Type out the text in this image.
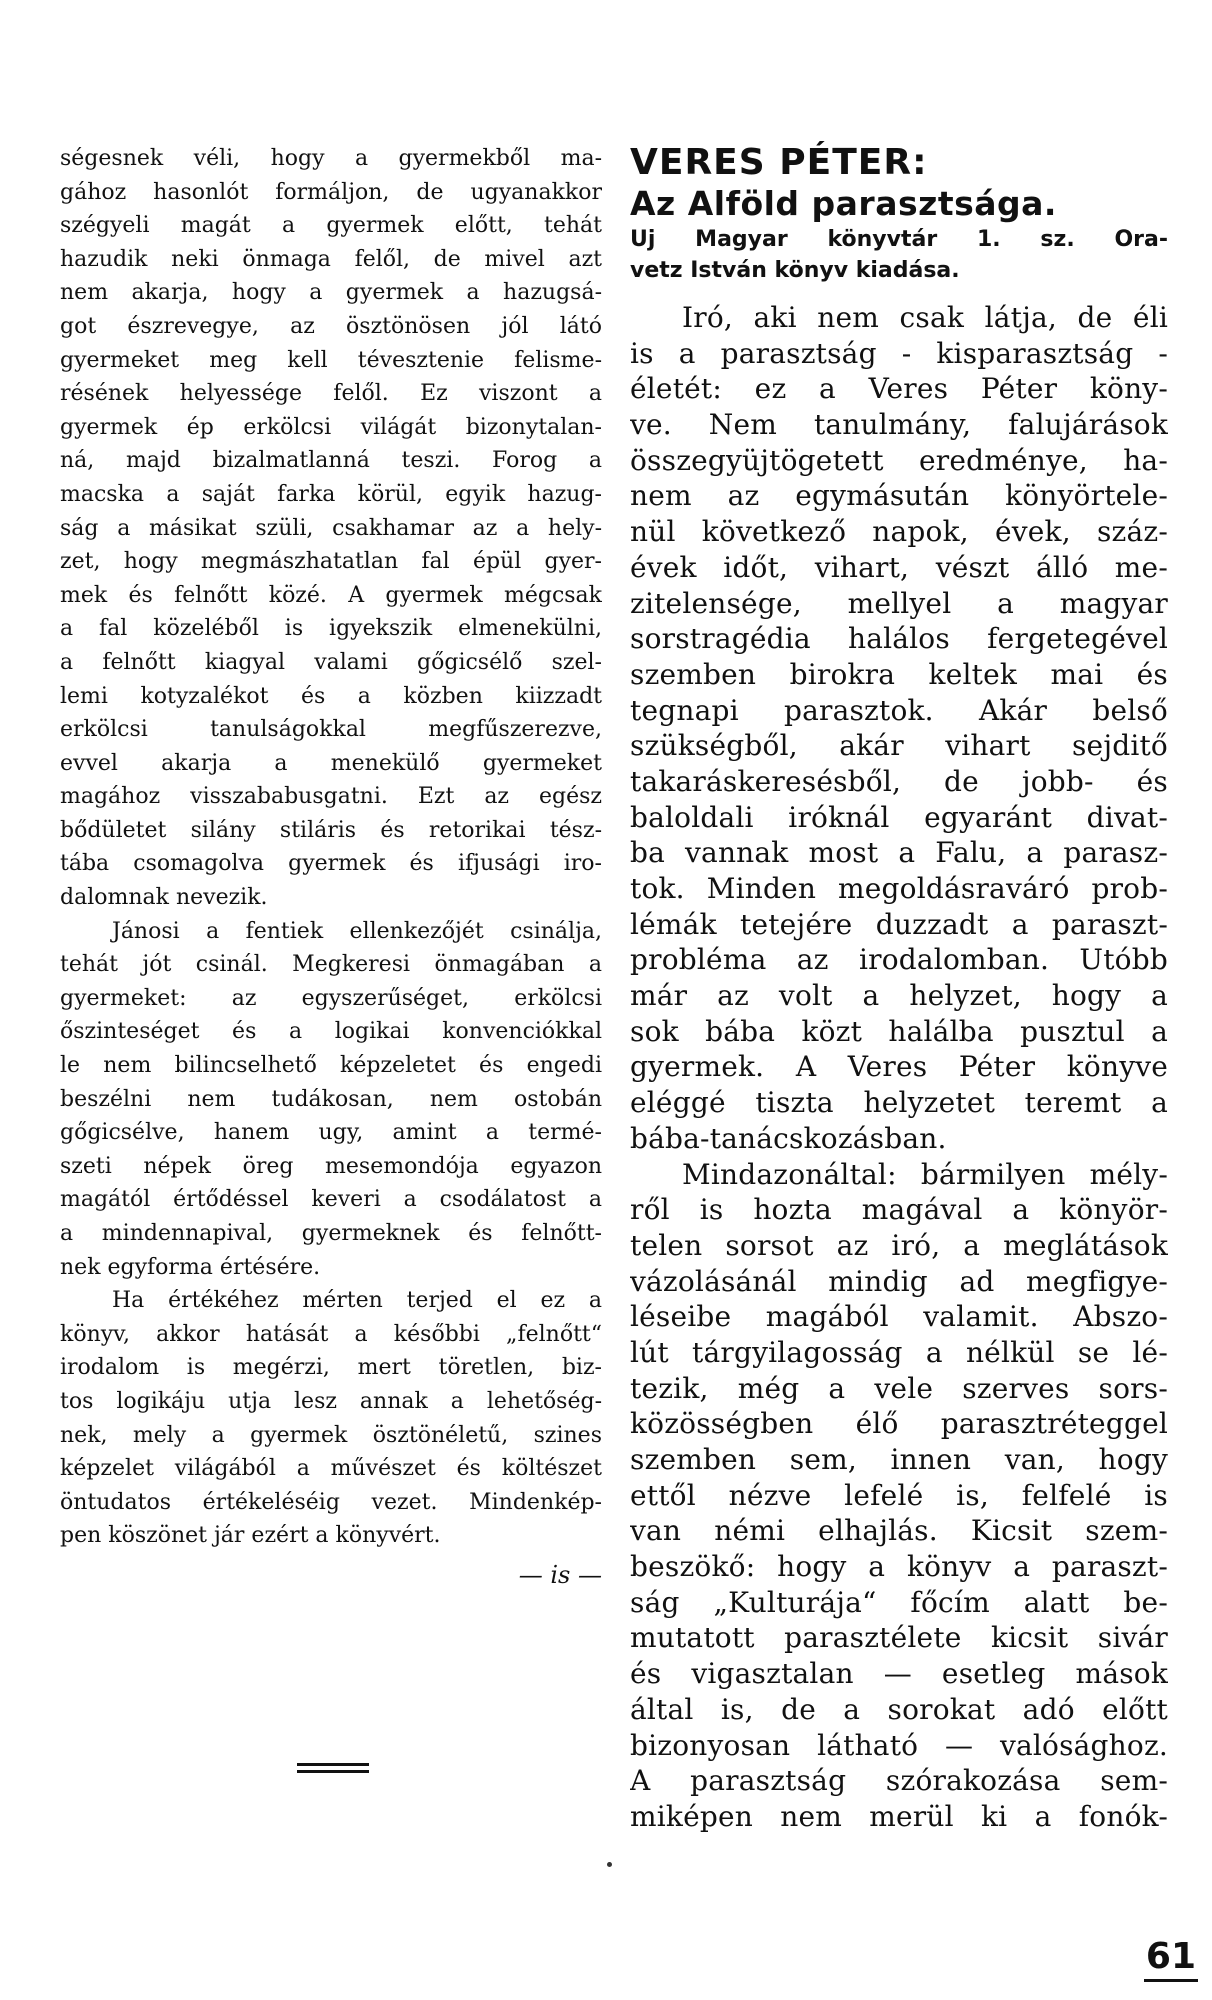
ségesnek véli, hogy a gyermekből ma-
gához hasonlót formáljon, de ugyanakkor
szégyeli magát a gyermek előtt, tehát
hazudik neki önmaga felől, de mivel azt
nem akarja, hogy a gyermek a hazugsá-
got észrevegye, az ösztönösen jól látó
gyermeket meg kell tévesztenie felisme-
résének helyessége felől. Ez viszont a
gyermek ép erkölcsi világát bizonytalan-
ná, majd bizalmatlanná teszi. Forog a
macska a saját farka körül, egyik hazug-
ság a másikat szüli, csakhamar az a hely-
zet, hogy megmászhatatlan fal épül gyer-
mek és felnőtt közé. A gyermek mégcsak
a fal közeléből is igyekszik elmenekülni,
a felnőtt kiagyal valami gőgicsélő szel-
lemi kotyzalékot és a közben kiizzadt
erkölcsi tanulságokkal megfűszerezve,
evvel akarja a menekülő gyermeket
magához visszababusgatni. Ezt az egész
bődületet silány stiláris és retorikai tész-
tába csomagolva gyermek és ifjusági iro-
dalomnak nevezik.
Jánosi a fentiek ellenkezőjét csinálja,
tehát jót csinál. Megkeresi önmagában a
gyermeket: az egyszerűséget, erkölcsi
őszinteséget és a logikai konvenciókkal
le nem bilincselhető képzeletet és engedi
beszélni nem tudákosan, nem ostobán
gőgicsélve, hanem ugy, amint a termé-
szeti népek öreg mesemondója egyazon
magától értődéssel keveri a csodálatost a
a mindennapival, gyermeknek és felnőtt-
nek egyforma értésére.
Ha értékéhez mérten terjed el ez a
könyv, akkor hatását a későbbi „felnőtt“
irodalom is megérzi, mert töretlen, biz-
tos logikáju utja lesz annak a lehetőség-
nek, mely a gyermek ösztönéletű, szines
képzelet világából a művészet és költészet
öntudatos értékeléséig vezet. Mindenkép-
pen köszönet jár ezért a könyvért.
— is —
VERES PÉTER:
Az Alföld parasztsága.
Uj Magyar könyvtár 1. sz. Ora-
vetz István könyv kiadása.
Iró, aki nem csak látja, de éli
is a parasztság - kisparasztság -
életét: ez a Veres Péter köny-
ve. Nem tanulmány, falujárások
összegyüjtögetett eredménye, ha-
nem az egymásután könyörtele-
nül következő napok, évek, száz-
évek időt, vihart, vészt álló me-
zitelensége, mellyel a magyar
sorstragédia halálos fergetegével
szemben birokra keltek mai és
tegnapi parasztok. Akár belső
szükségből, akár vihart sejditő
takaráskeresésből, de jobb- és
baloldali iróknál egyaránt divat-
ba vannak most a Falu, a parasz-
tok. Minden megoldásraváró prob-
lémák tetejére duzzadt a paraszt-
probléma az irodalomban. Utóbb
már az volt a helyzet, hogy a
sok bába közt halálba pusztul a
gyermek. A Veres Péter könyve
eléggé tiszta helyzetet teremt a
bába-tanácskozásban.
Mindazonáltal: bármilyen mély-
ről is hozta magával a könyör-
telen sorsot az iró, a meglátások
vázolásánál mindig ad megfigye-
léseibe magából valamit. Abszo-
lút tárgyilagosság a nélkül se lé-
tezik, még a vele szerves sors-
közösségben élő parasztréteggel
szemben sem, innen van, hogy
ettől nézve lefelé is, felfelé is
van némi elhajlás. Kicsit szem-
beszökő: hogy a könyv a paraszt-
ság „Kulturája“ főcím alatt be-
mutatott parasztélete kicsit sivár
és vigasztalan — esetleg mások
által is, de a sorokat adó előtt
bizonyosan látható — valósághoz.
A parasztság szórakozása sem-
miképen nem merül ki a fonók-
61
